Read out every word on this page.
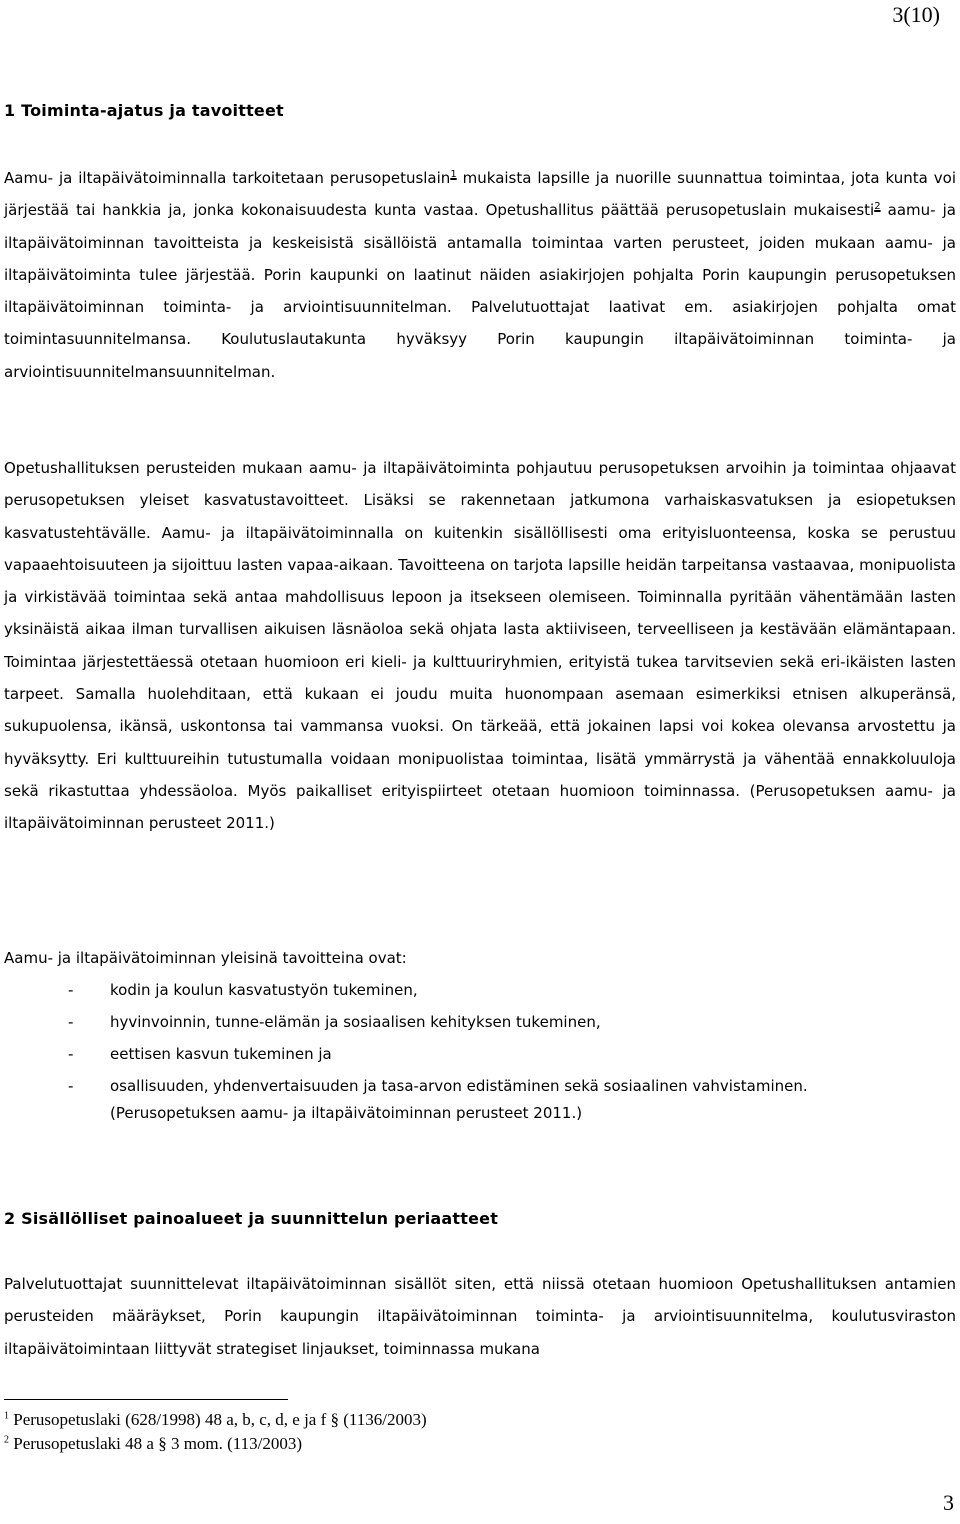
3(10)
1 Toiminta-ajatus ja tavoitteet

Aamu- ja iltapäivätoiminnalla tarkoitetaan perusopetuslain$^1$ mukaista lapsille ja nuorille suunnattua toimintaa, jota kunta voi järjestää tai hankkia ja, jonka kokonaisuudesta kunta vastaa. Opetushallitus päättää perusopetuslain mukaisesti$^2$ aamu- ja iltapäivätoiminnan tavoitteista ja keskeisistä sisällöistä antamalla toimintaa varten perusteet, joiden mukaan aamu- ja iltapäivätoiminta tulee järjestää. Porin kaupunki on laatinut näiden asiakirjojen pohjalta Porin kaupungin perusopetuksen iltapäivätoiminnan toiminta- ja arviointisuunnitelman. Palvelutuottajat laativat em. asiakirjojen pohjalta omat toimintasuunnitelmansa. Koulutuslautakunta hyväksyy Porin kaupungin iltapäivätoiminnan toiminta- ja arviointisuunnitelmansuunnitelman.

Opetushallituksen perusteiden mukaan aamu- ja iltapäivätoiminta pohjautuu perusopetuksen arvoihin ja toimintaa ohjaavat perusopetuksen yleiset kasvatustavoitteet. Lisäksi se rakennetaan jatkumona varhaiskasvatuksen ja esiopetuksen kasvatustehtävälle. Aamu- ja iltapäivätoiminnalla on kuitenkin sisällöllisesti oma erityisluonteensa, koska se perustuu vapaaehtoisuuteen ja sijoittuu lasten vapaa-aikaan. Tavoitteena on tarjota lapsille heidän tarpeitansa vastaavaa, monipuolista ja virkistävää toimintaa sekä antaa mahdollisuus lepoon ja itsekseen olemiseen. Toiminnalla pyritään vähentämään lasten yksinäistä aikaa ilman turvallisen aikuisen läsnäoloa sekä ohjata lasta aktiiviseen, terveelliseen ja kestävään elämäntapaan. Toimintaa järjestettäessä otetaan huomioon eri kieli- ja kulttuuriryhmien, erityistä tukea tarvitsevien sekä eri-ikäisten lasten tarpeet. Samalla huolehditaan, että kukaan ei joudu muita huonompaan asemaan esimerkiksi etnisen alkuperänsä, sukupuolensa, ikänsä, uskontonsa tai vammansa vuoksi. On tärkeää, että jokainen lapsi voi kokea olevansa arvostettu ja hyväksytty. Eri kulttuureihin tutustumalla voidaan monipuolistaa toimintaa, lisätä ymmärrystä ja vähentää ennakkoluuloja sekä rikastuttaa yhdessäoloa. Myös paikalliset erityispiirteet otetaan huomioon toiminnassa. (Perusopetuksen aamu- ja iltapäivätoiminnan perusteet 2011.)

Aamu- ja iltapäivätoiminnan yleisinä tavoitteina ovat:
- kodin ja koulun kasvatustyön tukeminen,
- hyvinvoinnin, tunne-elämän ja sosiaalisen kehityksen tukeminen,
- eettisen kasvun tukeminen ja
- osallisuuden, yhdenvertaisuuden ja tasa-arvon edistäminen sekä sosiaalinen vahvistaminen.
(Perusopetuksen aamu- ja iltapäivätoiminnan perusteet 2011.)
2 Sisällölliset painoalueet ja suunnittelun periaatteet

Palvelutuottajat suunnittelevat iltapäivätoiminnan sisällöt siten, että niissä otetaan huomioon Opetushallituksen antamien perusteiden määräykset, Porin kaupungin iltapäivätoiminnan toiminta- ja arviointisuunnitelma, koulutusviraston iltapäivätoimintaan liittyvät strategiset linjaukset, toiminnassa mukana

$^1$ Perusopetuslaki (628/1998) 48 a, b, c, d, e ja f § (1136/2003)
$^2$ Perusopetuslaki 48 a § 3 mom. (113/2003)
3
